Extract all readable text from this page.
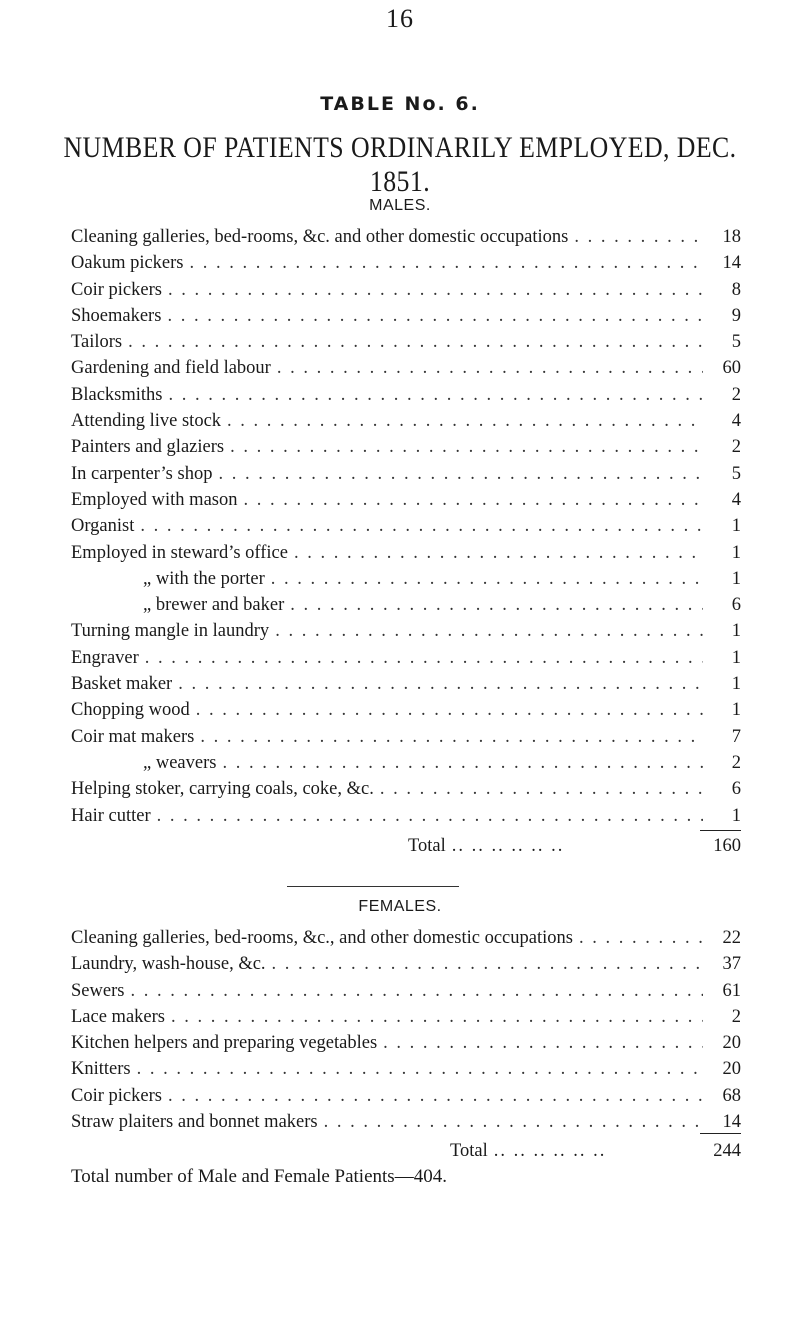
16
TABLE No. 6.
NUMBER OF PATIENTS ORDINARILY EMPLOYED, DEC. 1851.
MALES.
Cleaning galleries, bed-rooms, &c. and other domestic occupations . . .	18
Oakum pickers . . .	14
Coir pickers . . .	8
Shoemakers . . .	9
Tailors . . .	5
Gardening and field labour . . .	60
Blacksmiths . . .	2
Attending live stock . . .	4
Painters and glaziers . . .	2
In carpenter’s shop . . .	5
Employed with mason . . .	4
Organist . . .	1
Employed in steward’s office . . .	1
„ with the porter . . .	1
„ brewer and baker . . .	6
Turning mangle in laundry . . .	1
Engraver . . .	1
Basket maker . . .	1
Chopping wood . . .	1
Coir mat makers . . .	7
„ weavers . . .	2
Helping stoker, carrying coals, coke, &c. . . .	6
Hair cutter . . .	1
Total .. .. .. .. .. ..	160
FEMALES.
Cleaning galleries, bed-rooms, &c., and other domestic occupations . . .	22
Laundry, wash-house, &c. . . .	37
Sewers . . .	61
Lace makers . . .	2
Kitchen helpers and preparing vegetables . . .	20
Knitters . . .	20
Coir pickers . . .	68
Straw plaiters and bonnet makers . . .	14
Total .. .. .. .. .. ..	244
Total number of Male and Female Patients—404.
